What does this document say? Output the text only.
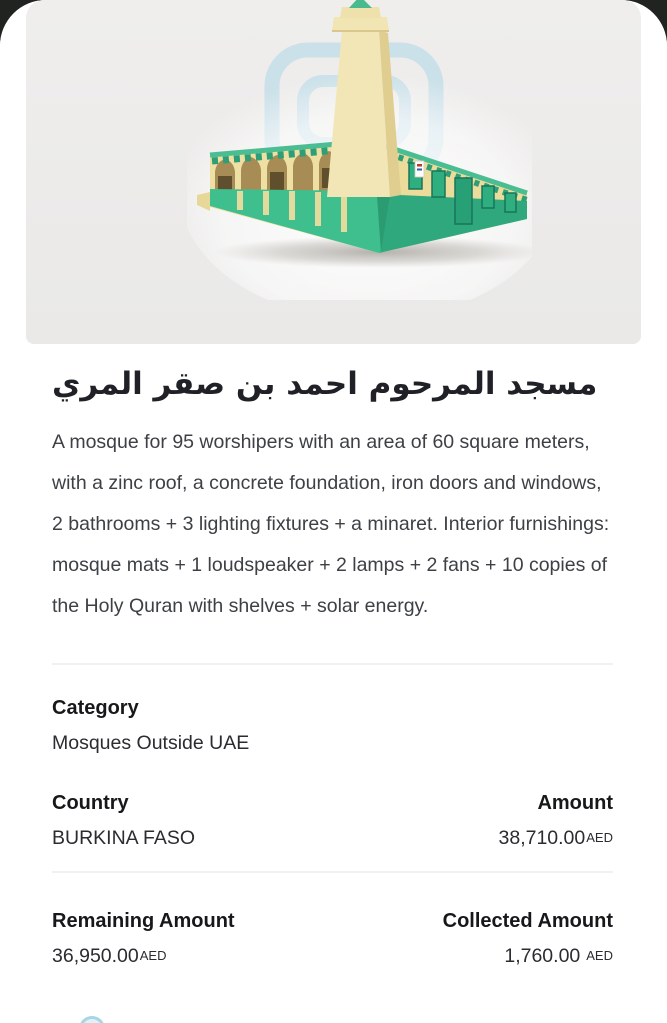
مسجد المرحوم احمد بن صقر المري

A mosque for 95 worshipers with an area of 60 square meters, with a zinc roof, a concrete foundation, iron doors and windows, 2 bathrooms + 3 lighting fixtures + a minaret. Interior furnishings: mosque mats + 1 loudspeaker + 2 lamps + 2 fans + 10 copies of the Holy Quran with shelves + solar energy.

Category
Mosques Outside UAE
Country
BURKINA FASO
Amount
$38,710.00^{AED}$
Remaining Amount
$36,950.00^{AED}$
Collected Amount
1,760.00 $^{AED}$
